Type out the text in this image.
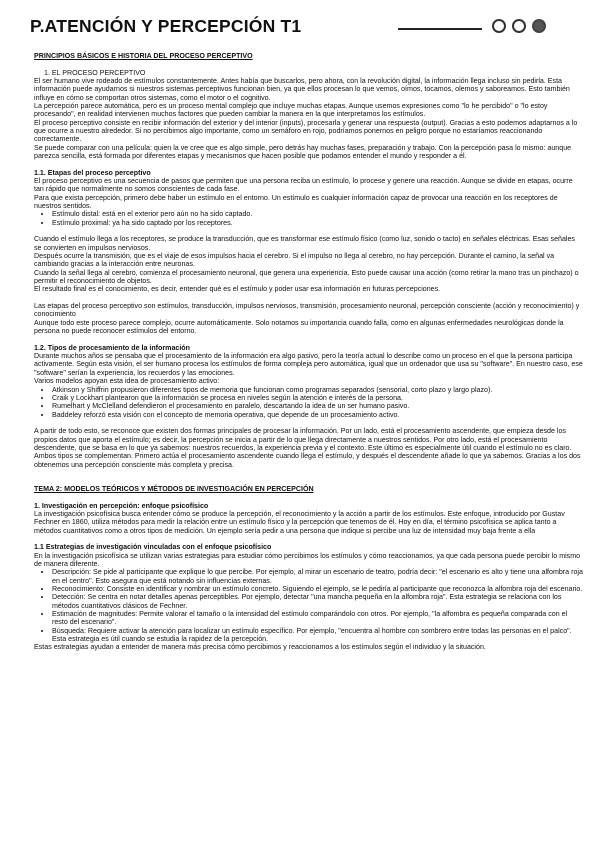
P.ATENCIÓN Y PERCEPCIÓN T1

PRINCIPIOS BÁSICOS E HISTORIA DEL PROCESO PERCEPTIVO

1. EL PROCESO PERCEPTIVO

El ser humano vive rodeado de estímulos constantemente. Antes había que buscarlos, pero ahora, con la revolución digital, la información llega incluso sin pedirla. Esta información puede ayudarnos si nuestros sistemas perceptivos funcionan bien, ya que ellos procesan lo que vemos, oímos, tocamos, olemos y saboreamos. Esto también influye en cómo se comportan otros sistemas, como el motor o el cognitivo.

La percepción parece automática, pero es un proceso mental complejo que incluye muchas etapas. Aunque usemos expresiones como "lo he percibido" o "lo estoy procesando", en realidad intervienen muchos factores que pueden cambiar la manera en la que interpretamos los estímulos.

El proceso perceptivo consiste en recibir información del exterior y del interior (inputs), procesarla y generar una respuesta (output). Gracias a esto podemos adaptarnos a lo que ocurre a nuestro alrededor. Si no percibimos algo importante, como un semáforo en rojo, podríamos ponernos en peligro porque no estaríamos reaccionando correctamente.

Se puede comparar con una película: quien la ve cree que es algo simple, pero detrás hay muchas fases, preparación y trabajo. Con la percepción pasa lo mismo: aunque parezca sencilla, está formada por diferentes etapas y mecanismos que hacen posible que podamos entender el mundo y responder a él.

1.1. Etapas del proceso perceptivo

El proceso perceptivo es una secuencia de pasos que permiten que una persona reciba un estímulo, lo procese y genere una reacción. Aunque se divide en etapas, ocurre tan rápido que normalmente no somos conscientes de cada fase.

Para que exista percepción, primero debe haber un estímulo en el entorno. Un estímulo es cualquier información capaz de provocar una reacción en los receptores de nuestros sentidos.

• Estímulo distal: está en el exterior pero aún no ha sido captado.
• Estímulo proximal: ya ha sido captado por los receptores.

Cuando el estímulo llega a los receptores, se produce la transducción, que es transformar ese estímulo físico (como luz, sonido o tacto) en señales eléctricas. Esas señales se convierten en impulsos nerviosos.

Después ocurre la transmisión, que es el viaje de esos impulsos hacia el cerebro. Si el impulso no llega al cerebro, no hay percepción. Durante el camino, la señal va cambiando gracias a la interacción entre neuronas.

Cuando la señal llega al cerebro, comienza el procesamiento neuronal, que genera una experiencia. Esto puede causar una acción (como retirar la mano tras un pinchazo) o permitir el reconocimiento de objetos.

El resultado final es el conocimiento, es decir, entender qué es el estímulo y poder usar esa información en futuras percepciones.

Las etapas del proceso perceptivo son estímulos, transducción, impulsos nerviosos, transmisión, procesamiento neuronal, percepción consciente (acción y reconocimiento) y conocimiento

Aunque todo este proceso parece complejo, ocurre automáticamente. Solo notamos su importancia cuando falla, como en algunas enfermedades neurológicas donde la persona no puede reconocer estímulos del entorno.

1.2. Tipos de procesamiento de la información

Durante muchos años se pensaba que el procesamiento de la información era algo pasivo, pero la teoría actual lo describe como un proceso en el que la persona participa activamente. Según esta visión, el ser humano procesa los estímulos de forma compleja pero automática, igual que un ordenador que usa su "software". En nuestro caso, ese "software" serían la experiencia, los recuerdos y las emociones.

Varios modelos apoyan esta idea de procesamiento activo:

• Atkinson y Shiffrin propusieron diferentes tipos de memoria que funcionan como programas separados (sensorial, corto plazo y largo plazo).
• Craik y Lockhart plantearon que la información se procesa en niveles según la atención e interés de la persona.
• Rumelhart y McClelland defendieron el procesamiento en paralelo, descartando la idea de un ser humano pasivo.
• Baddeley reforzó esta visión con el concepto de memoria operativa, que depende de un procesamiento activo.

A partir de todo esto, se reconoce que existen dos formas principales de procesar la información. Por un lado, está el procesamiento ascendente, que empieza desde los propios datos que aporta el estímulo; es decir, la percepción se inicia a partir de lo que llega directamente a nuestros sentidos. Por otro lado, está el procesamiento descendente, que se basa en lo que ya sabemos: nuestros recuerdos, la experiencia previa y el contexto. Este último es especialmente útil cuando el estímulo no es claro.

Ambos tipos se complementan. Primero actúa el procesamiento ascendente cuando llega el estímulo, y después el descendente añade lo que ya sabemos. Gracias a los dos obtenemos una percepción consciente más completa y precisa.

TEMA 2: MODELOS TEÓRICOS Y MÉTODOS DE INVESTIGACIÓN EN PERCEPCIÓN

1. Investigación en percepción: enfoque psicofísico

La investigación psicofísica busca entender cómo se produce la percepción, el reconocimiento y la acción a partir de los estímulos. Este enfoque, introducido por Gustav Fechner en 1860, utiliza métodos para medir la relación entre un estímulo físico y la percepción que tenemos de él. Hoy en día, el término psicofísica se aplica tanto a métodos cuantitativos como a otros tipos de medición. Un ejemplo sería pedir a una persona que indique si percibe una luz de intensidad muy baja frente a ella

1.1 Estrategias de investigación vinculadas con el enfoque psicofísico

En la investigación psicofísica se utilizan varias estrategias para estudiar cómo percibimos los estímulos y cómo reaccionamos, ya que cada persona puede percibir lo mismo de manera diferente.

• Descripción: Se pide al participante que explique lo que percibe. Por ejemplo, al mirar un escenario de teatro, podría decir: "el escenario es alto y tiene una alfombra roja en el centro". Esto asegura que está notando sin influencias externas.
• Reconocimiento: Consiste en identificar y nombrar un estímulo concreto. Siguiendo el ejemplo, se le pediría al participante que reconozca la alfombra roja del escenario.
• Detección: Se centra en notar detalles apenas perceptibles. Por ejemplo, detectar "una mancha pequeña en la alfombra roja". Esta estrategia se relaciona con los métodos cuantitativos clásicos de Fechner.
• Estimación de magnitudes: Permite valorar el tamaño o la intensidad del estímulo comparándolo con otros. Por ejemplo, "la alfombra es pequeña comparada con el resto del escenario".
• Búsqueda: Requiere activar la atención para localizar un estímulo específico. Por ejemplo, "encuentra al hombre con sombrero entre todas las personas en el palco". Esta estrategia es útil cuando se estudia la rapidez de la percepción.

Estas estrategias ayudan a entender de manera más precisa cómo percibimos y reaccionamos a los estímulos según el individuo y la situación.
